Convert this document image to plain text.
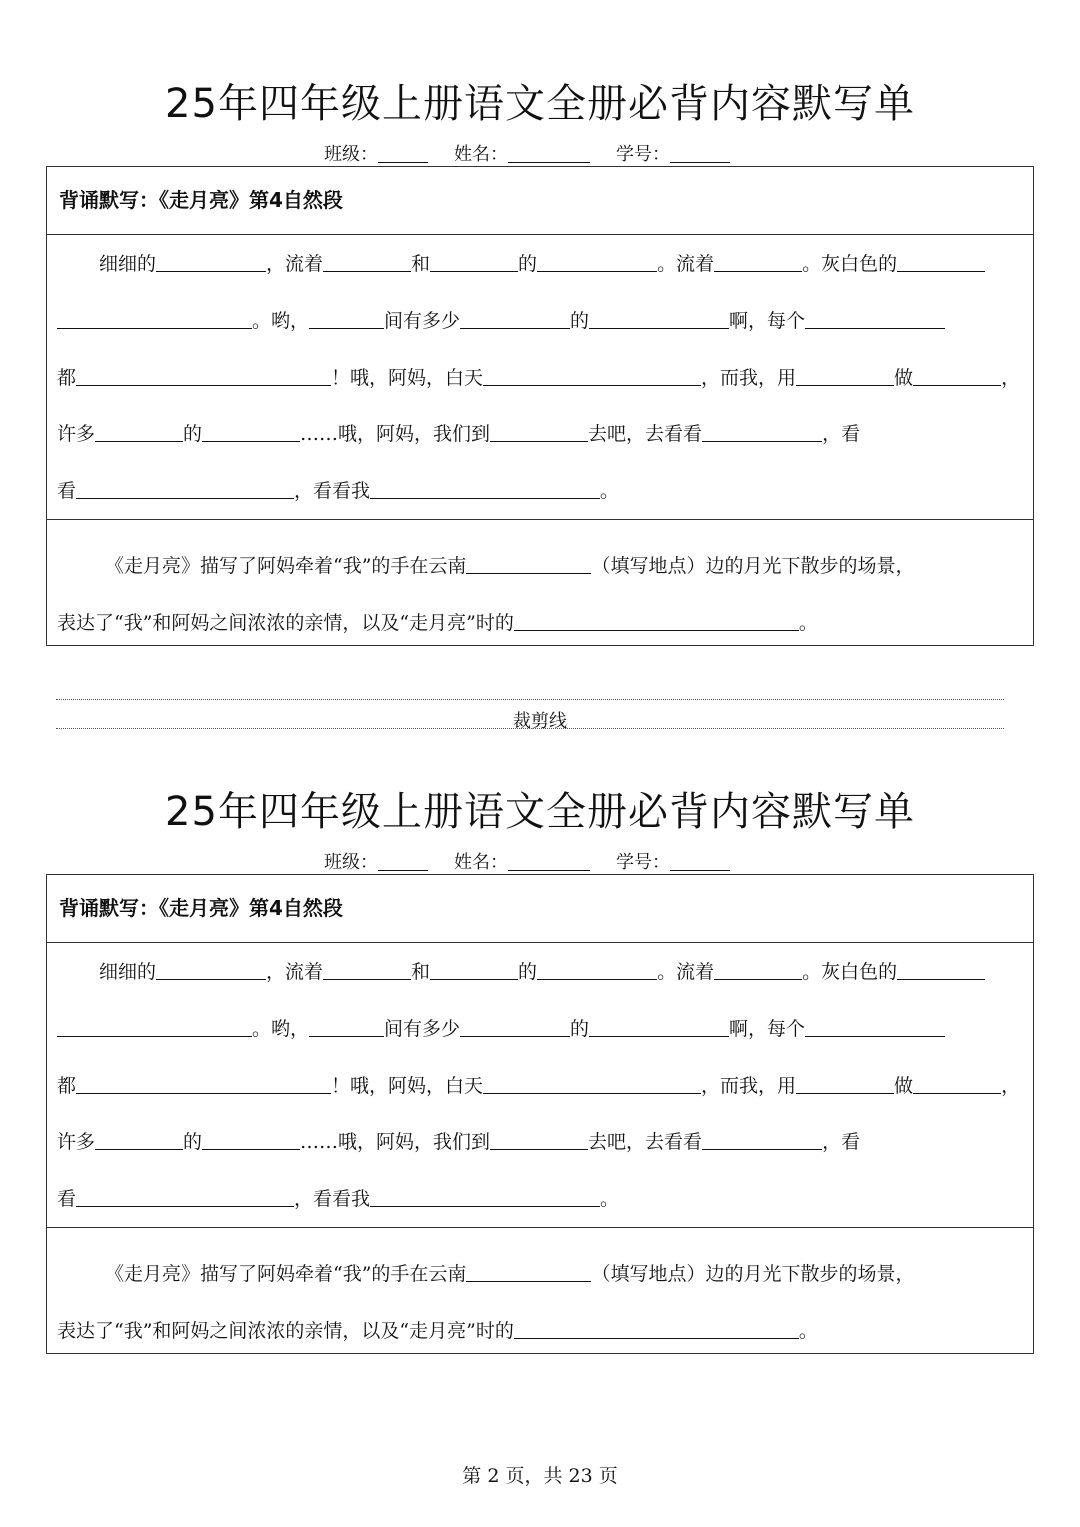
裁剪线
第 2 页，共 23 页
25年四年级上册语文全册必背内容默写单
班级：	姓名：	学号：
背诵默写：《走月亮》第4自然段
细细的	，流着	和	的	。流着	。灰白色的
。哟，	间有多少	的	啊，每个
都	！哦，阿妈，白天	，而我，用	做	，
许多	的	……哦，阿妈，我们到	去吧，去看看	，看
看	，看看我	。
《走月亮》描写了阿妈牵着“我”的手在云南	（填写地点）边的月光下散步的场景，
表达了“我”和阿妈之间浓浓的亲情，以及“走月亮”时的	。
25年四年级上册语文全册必背内容默写单
班级：	姓名：	学号：
背诵默写：《走月亮》第4自然段
细细的	，流着	和	的	。流着	。灰白色的
。哟，	间有多少	的	啊，每个
都	！哦，阿妈，白天	，而我，用	做	，
许多	的	……哦，阿妈，我们到	去吧，去看看	，看
看	，看看我	。
《走月亮》描写了阿妈牵着“我”的手在云南	（填写地点）边的月光下散步的场景，
表达了“我”和阿妈之间浓浓的亲情，以及“走月亮”时的	。
